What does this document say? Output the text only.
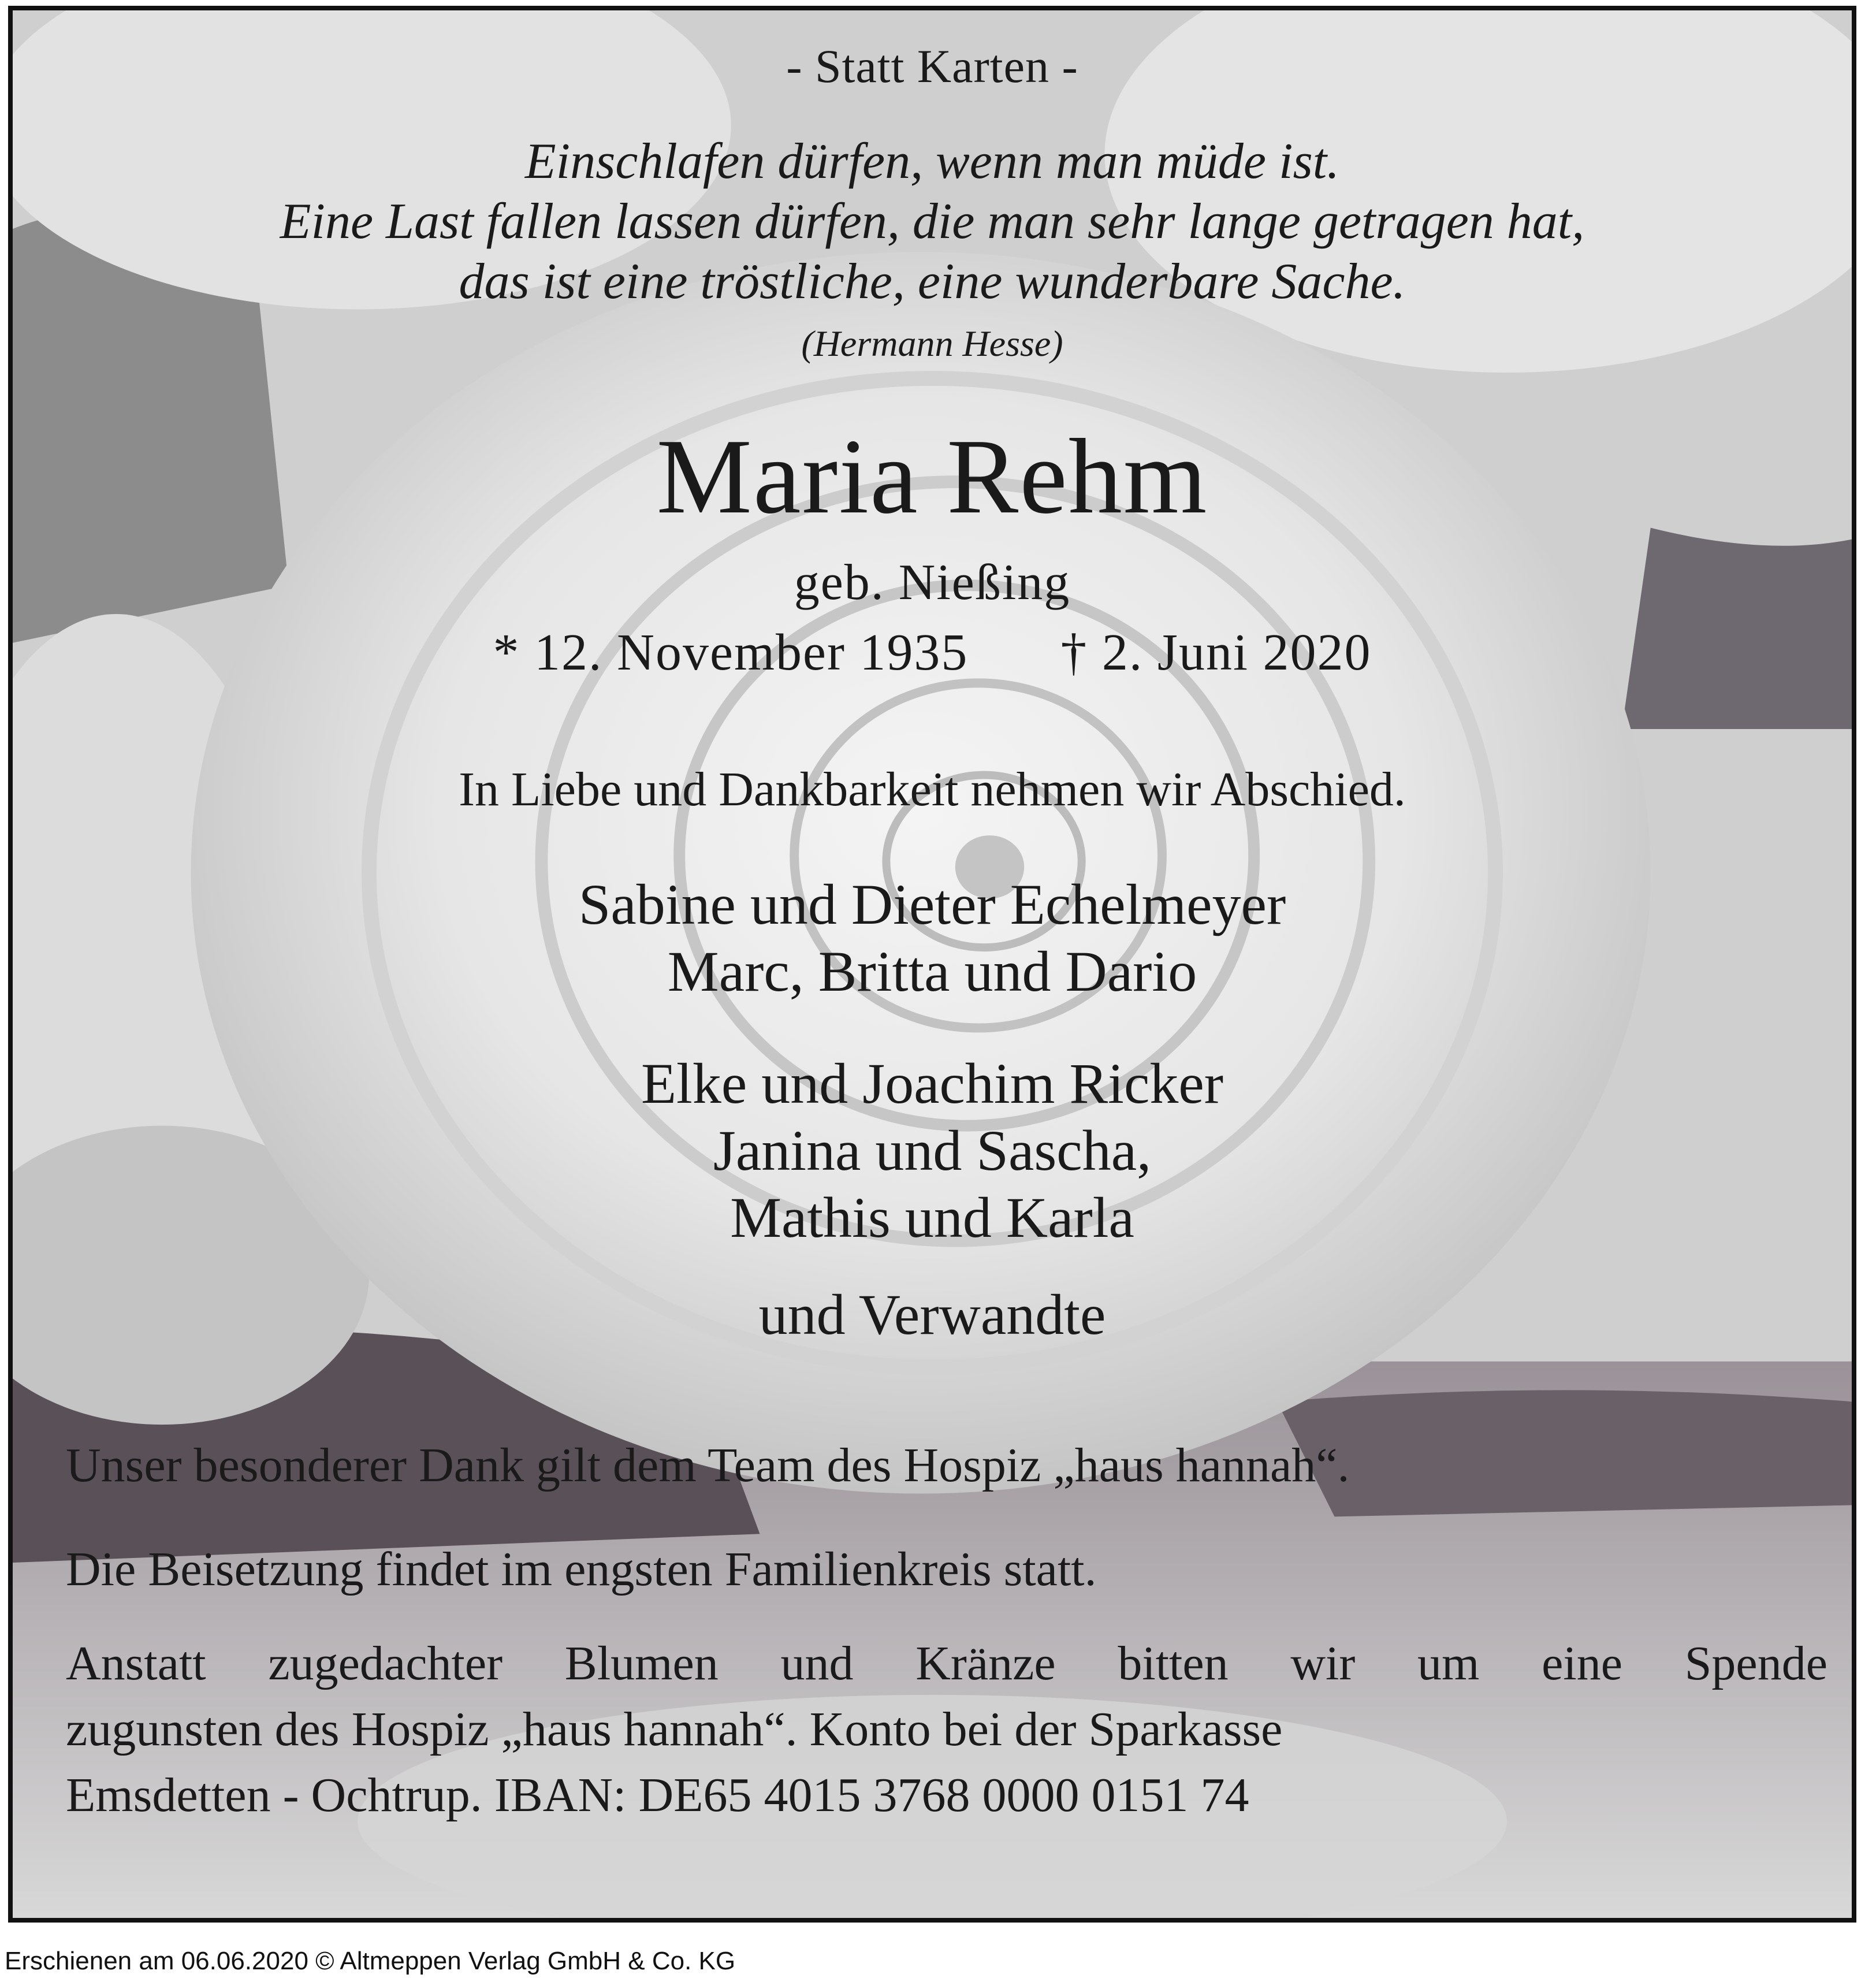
- Statt Karten -
Einschlafen dürfen, wenn man müde ist.
Eine Last fallen lassen dürfen, die man sehr lange getragen hat,
das ist eine tröstliche, eine wunderbare Sache.
(Hermann Hesse)
Maria Rehm
geb. Nießing
* 12. November 1935 † 2. Juni 2020
In Liebe und Dankbarkeit nehmen wir Abschied.
Sabine und Dieter Echelmeyer
Marc, Britta und Dario
Elke und Joachim Ricker
Janina und Sascha,
Mathis und Karla
und Verwandte
Unser besonderer Dank gilt dem Team des Hospiz „haus hannah“.
Die Beisetzung findet im engsten Familienkreis statt.
Anstatt zugedachter Blumen und Kränze bitten wir um eine Spende
zugunsten des Hospiz „haus hannah“. Konto bei der Sparkasse
Emsdetten - Ochtrup. IBAN: DE65 4015 3768 0000 0151 74
Erschienen am 06.06.2020 © Altmeppen Verlag GmbH & Co. KG
